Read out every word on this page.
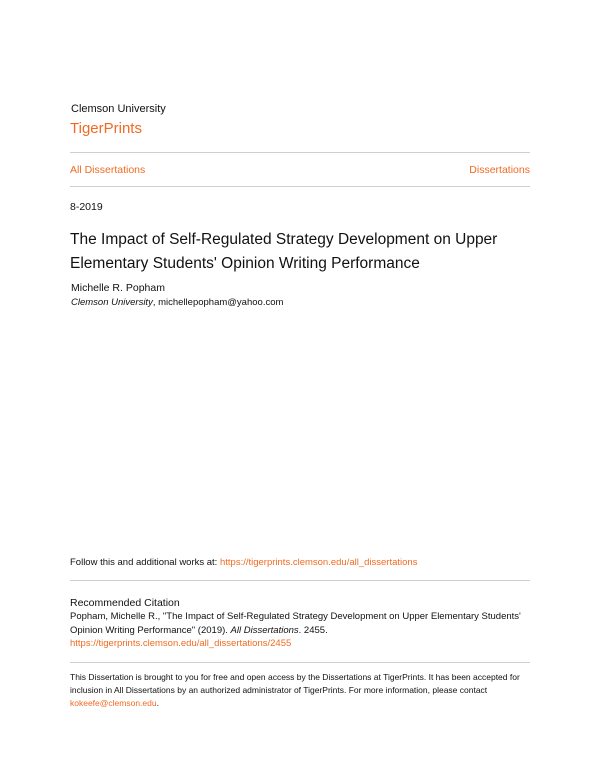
Clemson University
TigerPrints
All Dissertations	Dissertations
8-2019
The Impact of Self-Regulated Strategy Development on Upper Elementary Students' Opinion Writing Performance
Michelle R. Popham
Clemson University, michellepopham@yahoo.com
Follow this and additional works at: https://tigerprints.clemson.edu/all_dissertations
Recommended Citation
Popham, Michelle R., "The Impact of Self-Regulated Strategy Development on Upper Elementary Students' Opinion Writing Performance" (2019). All Dissertations. 2455.
https://tigerprints.clemson.edu/all_dissertations/2455
This Dissertation is brought to you for free and open access by the Dissertations at TigerPrints. It has been accepted for inclusion in All Dissertations by an authorized administrator of TigerPrints. For more information, please contact kokeefe@clemson.edu.
